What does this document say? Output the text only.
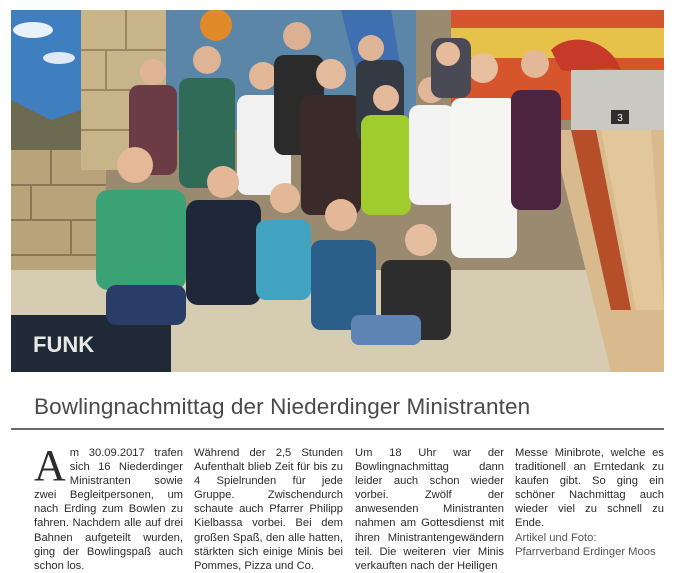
3
FUNK
Bowlingnachmittag der Niederdinger Ministranten
A m 30.09.2017 trafen sich 16 Niederdinger Ministranten sowie zwei Begleitpersonen, um nach Erding zum Bowlen zu fahren. Nachdem alle auf drei Bahnen aufgeteilt wurden, ging der Bowlingspaß auch schon los.

Während der 2,5 Stunden Aufenthalt blieb Zeit für bis zu 4 Spielrunden für jede Gruppe. Zwischendurch schaute auch Pfarrer Philipp Kielbassa vorbei. Bei dem großen Spaß, den alle hatten, stärkten sich einige Minis bei Pommes, Pizza und Co.

Um 18 Uhr war der Bowlingnachmittag dann leider auch schon wieder vorbei. Zwölf der anwesenden Ministranten nahmen am Gottesdienst mit ihren Ministrantengewändern teil. Die weiteren vier Minis verkauften nach der Heiligen

Messe Minibrote, welche es traditionell an Erntedank zu kaufen gibt. So ging ein schöner Nachmittag auch wieder viel zu schnell zu Ende.

Artikel und Foto: Pfarrverband Erdinger Moos
